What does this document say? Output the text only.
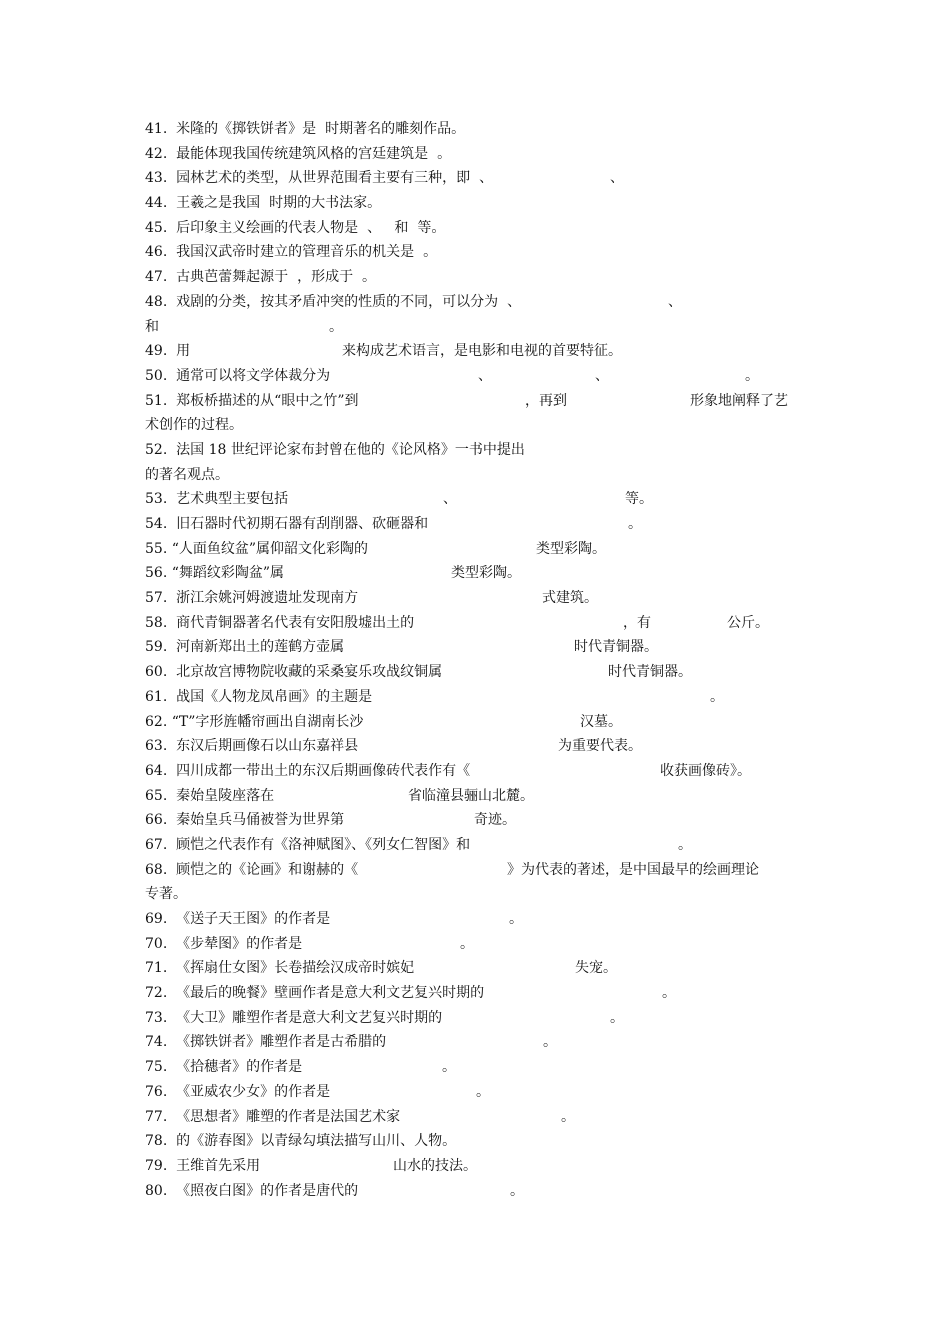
41.  米隆的《掷铁饼者》是  时期著名的雕刻作品。
42.  最能体现我国传统建筑风格的宫廷建筑是  。
43.  园林艺术的类型，从世界范围看主要有三种，即  、	、
44.  王羲之是我国  时期的大书法家。
45.  后印象主义绘画的代表人物是  、   和  等。
46.  我国汉武帝时建立的管理音乐的机关是  。
47.  古典芭蕾舞起源于  ，形成于  。
48.  戏剧的分类，按其矛盾冲突的性质的不同，可以分为  、	、
和	。
49.  用	来构成艺术语言，是电影和电视的首要特征。
50.  通常可以将文学体裁分为	、	、	。
51.  郑板桥描述的从“眼中之竹”到	，再到	形象地阐释了艺
术创作的过程。
52.  法国 18 世纪评论家布封曾在他的《论风格》一书中提出
的著名观点。
53.  艺术典型主要包括	、	等。
54.  旧石器时代初期石器有刮削器、砍砸器和	。
55. “人面鱼纹盆”属仰韶文化彩陶的	类型彩陶。
56. “舞蹈纹彩陶盆”属	类型彩陶。
57.  浙江余姚河姆渡遗址发现南方	式建筑。
58.  商代青铜器著名代表有安阳殷墟出土的	，有	公斤。
59.  河南新郑出土的莲鹤方壶属	时代青铜器。
60.  北京故宫博物院收藏的采桑宴乐攻战纹铜属	时代青铜器。
61.  战国《人物龙凤帛画》的主题是	。
62. “T”字形旌幡帘画出自湖南长沙	汉墓。
63.  东汉后期画像石以山东嘉祥县	为重要代表。
64.  四川成都一带出土的东汉后期画像砖代表作有《	收获画像砖》。
65.  秦始皇陵座落在	省临潼县骊山北麓。
66.  秦始皇兵马俑被誉为世界第	奇迹。
67.  顾恺之代表作有《洛神赋图》、《列女仁智图》和	。
68.  顾恺之的《论画》和谢赫的《	》为代表的著述，是中国最早的绘画理论
专著。
69.  《送子天王图》的作者是	。
70.  《步辇图》的作者是	。
71.  《挥扇仕女图》长卷描绘汉成帝时嫔妃	失宠。
72.  《最后的晚餐》壁画作者是意大利文艺复兴时期的	。
73.  《大卫》雕塑作者是意大利文艺复兴时期的	。
74.  《掷铁饼者》雕塑作者是古希腊的	。
75.  《拾穗者》的作者是	。
76.  《亚威农少女》的作者是	。
77.  《思想者》雕塑的作者是法国艺术家	。
78.  的《游春图》以青绿勾填法描写山川、人物。
79.  王维首先采用	山水的技法。
80.  《照夜白图》的作者是唐代的	。
